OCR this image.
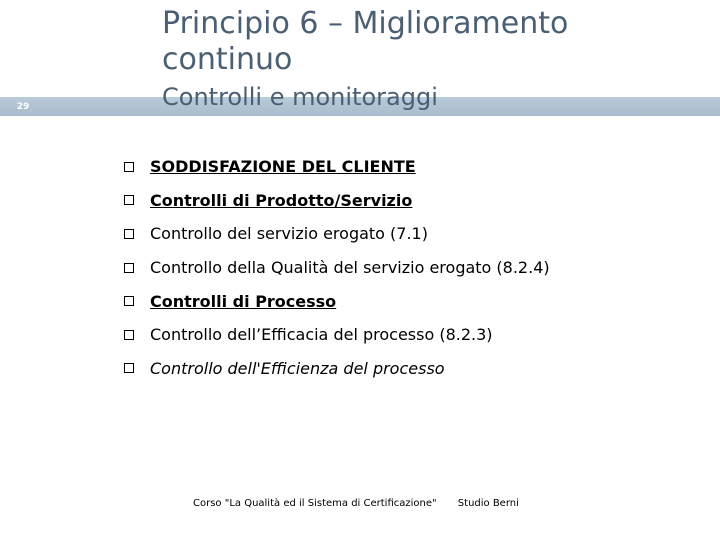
Principio 6 – Miglioramento continuo
29	Controlli e monitoraggi
SODDISFAZIONE DEL CLIENTE
Controlli di Prodotto/Servizio
Controllo del servizio erogato (7.1)
Controllo della Qualità del servizio erogato (8.2.4)
Controlli di Processo
Controllo dell’Efficacia del processo (8.2.3)
Controllo dell'Efficienza del processo
Corso "La Qualità ed il Sistema di Certificazione" Studio Berni
